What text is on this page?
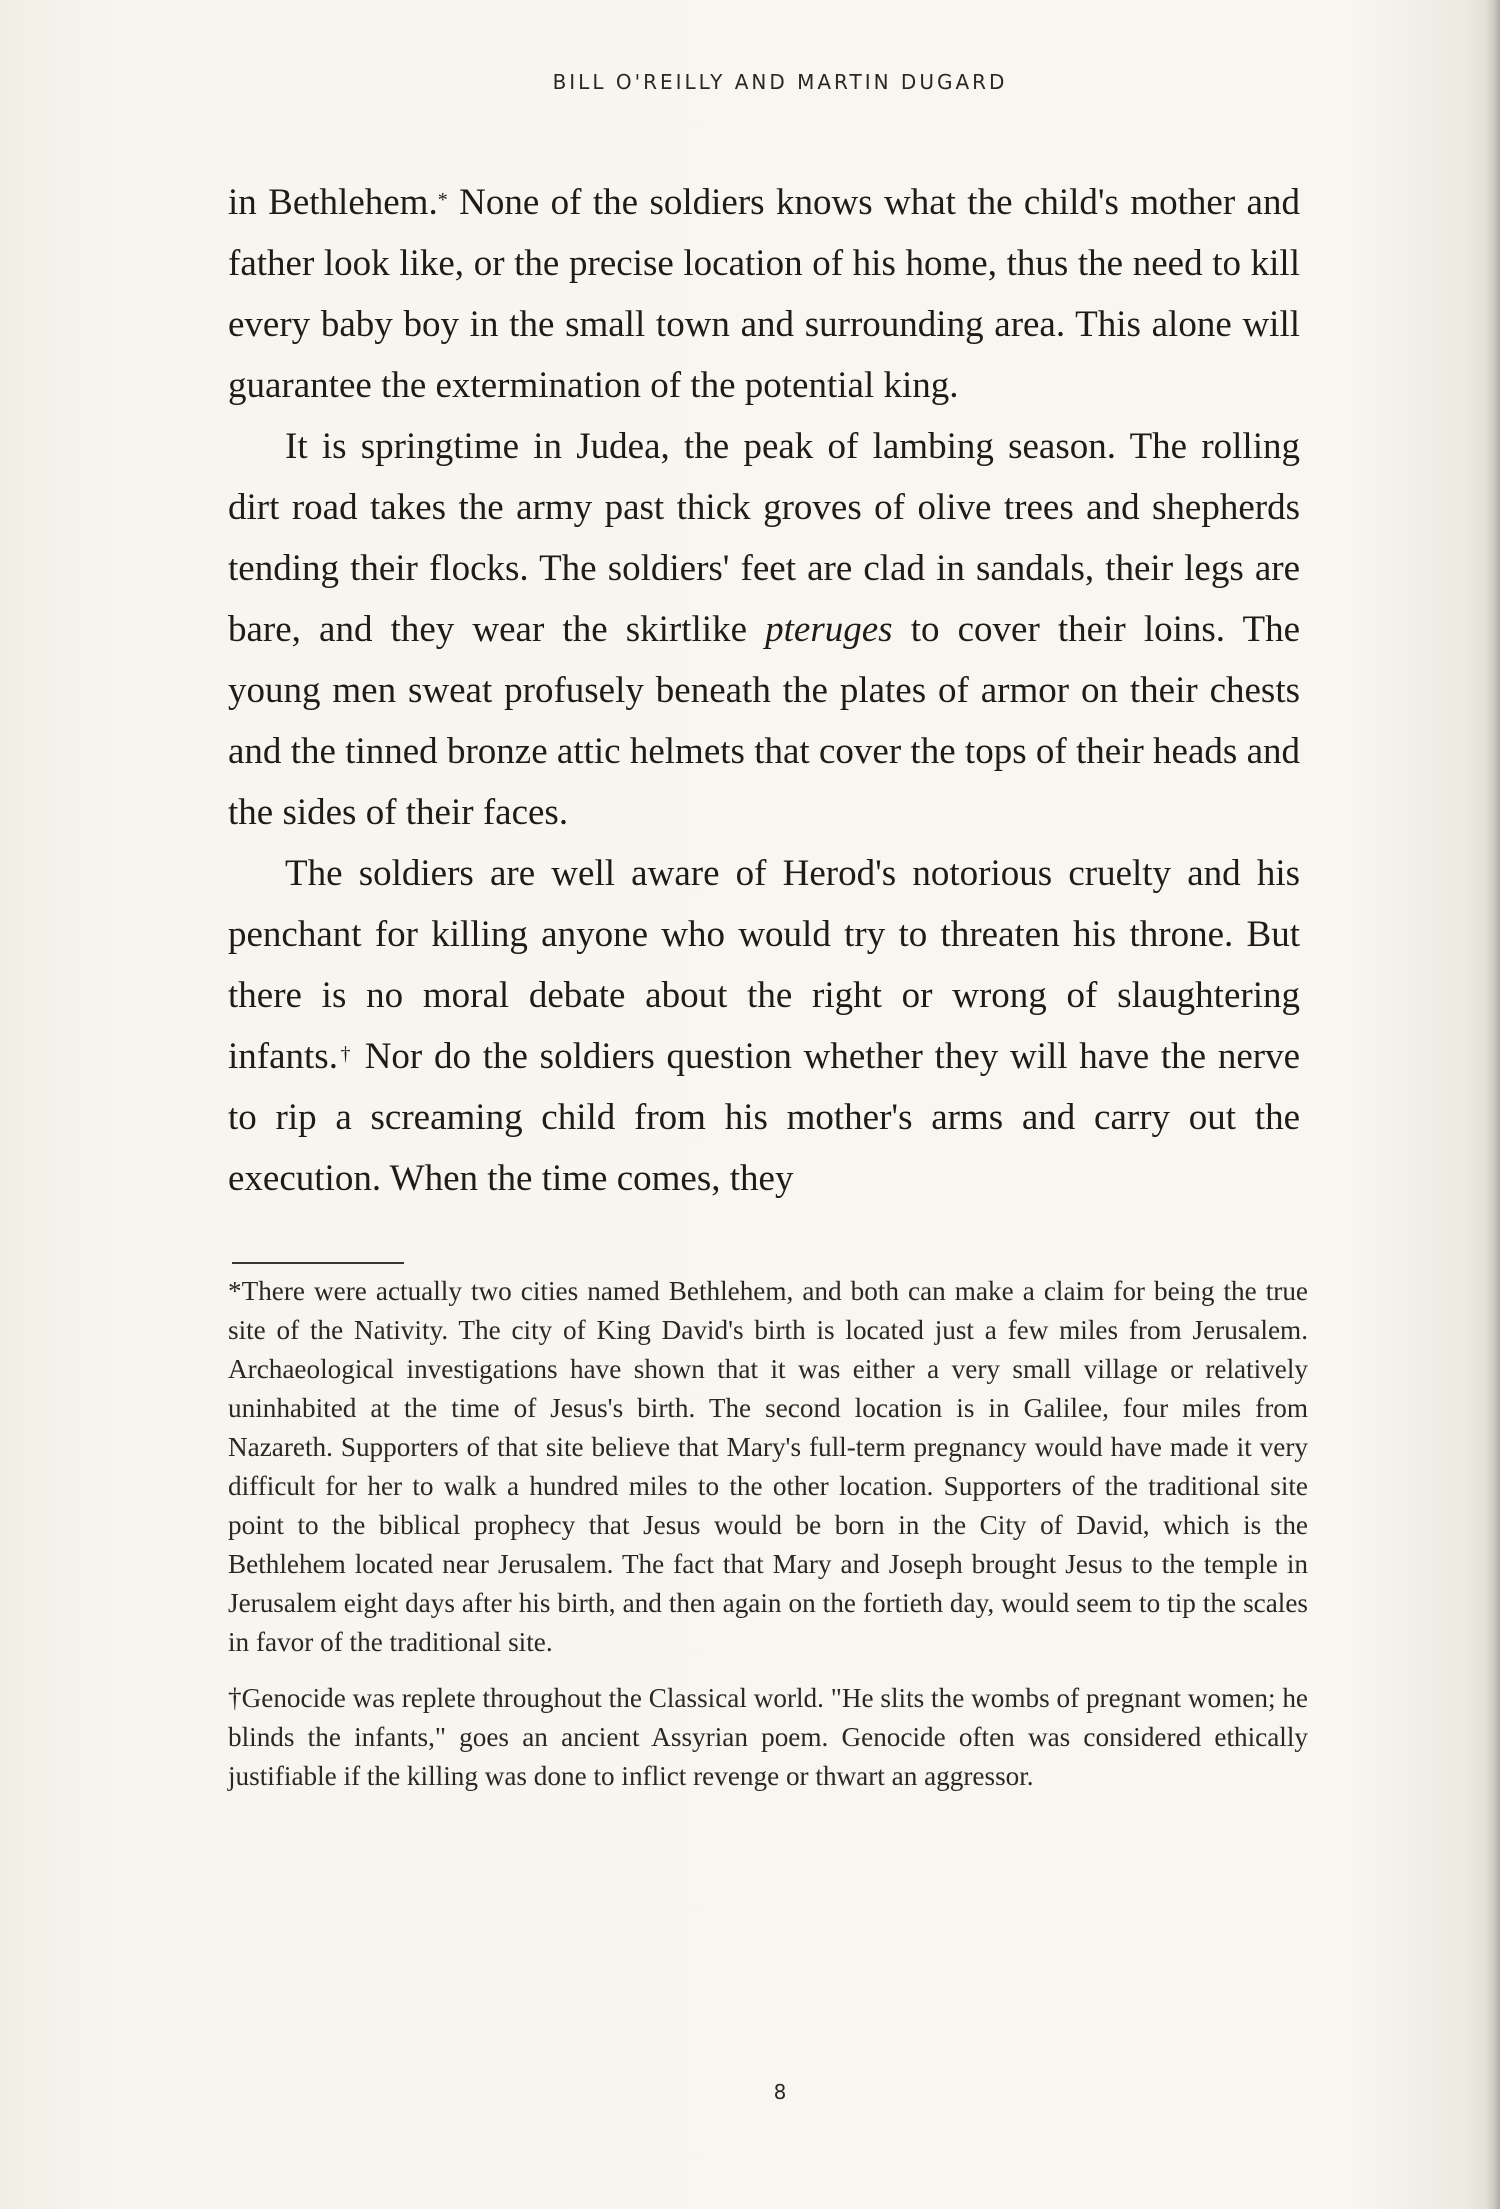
BILL O'REILLY AND MARTIN DUGARD

in Bethlehem.* None of the soldiers knows what the child's mother and father look like, or the precise location of his home, thus the need to kill every baby boy in the small town and surrounding area. This alone will guarantee the extermination of the potential king.

It is springtime in Judea, the peak of lambing season. The rolling dirt road takes the army past thick groves of olive trees and shepherds tending their flocks. The soldiers' feet are clad in sandals, their legs are bare, and they wear the skirtlike pteruges to cover their loins. The young men sweat profusely beneath the plates of armor on their chests and the tinned bronze attic helmets that cover the tops of their heads and the sides of their faces.

The soldiers are well aware of Herod's notorious cruelty and his penchant for killing anyone who would try to threaten his throne. But there is no moral debate about the right or wrong of slaughtering infants.† Nor do the soldiers question whether they will have the nerve to rip a screaming child from his mother's arms and carry out the execution. When the time comes, they

*There were actually two cities named Bethlehem, and both can make a claim for being the true site of the Nativity. The city of King David's birth is located just a few miles from Jerusalem. Archaeological investigations have shown that it was either a very small village or relatively uninhabited at the time of Jesus's birth. The second location is in Galilee, four miles from Nazareth. Supporters of that site believe that Mary's full-term pregnancy would have made it very difficult for her to walk a hundred miles to the other location. Supporters of the traditional site point to the biblical prophecy that Jesus would be born in the City of David, which is the Bethlehem located near Jerusalem. The fact that Mary and Joseph brought Jesus to the temple in Jerusalem eight days after his birth, and then again on the fortieth day, would seem to tip the scales in favor of the traditional site.

†Genocide was replete throughout the Classical world. "He slits the wombs of pregnant women; he blinds the infants," goes an ancient Assyrian poem. Genocide often was considered ethically justifiable if the killing was done to inflict revenge or thwart an aggressor.

8
